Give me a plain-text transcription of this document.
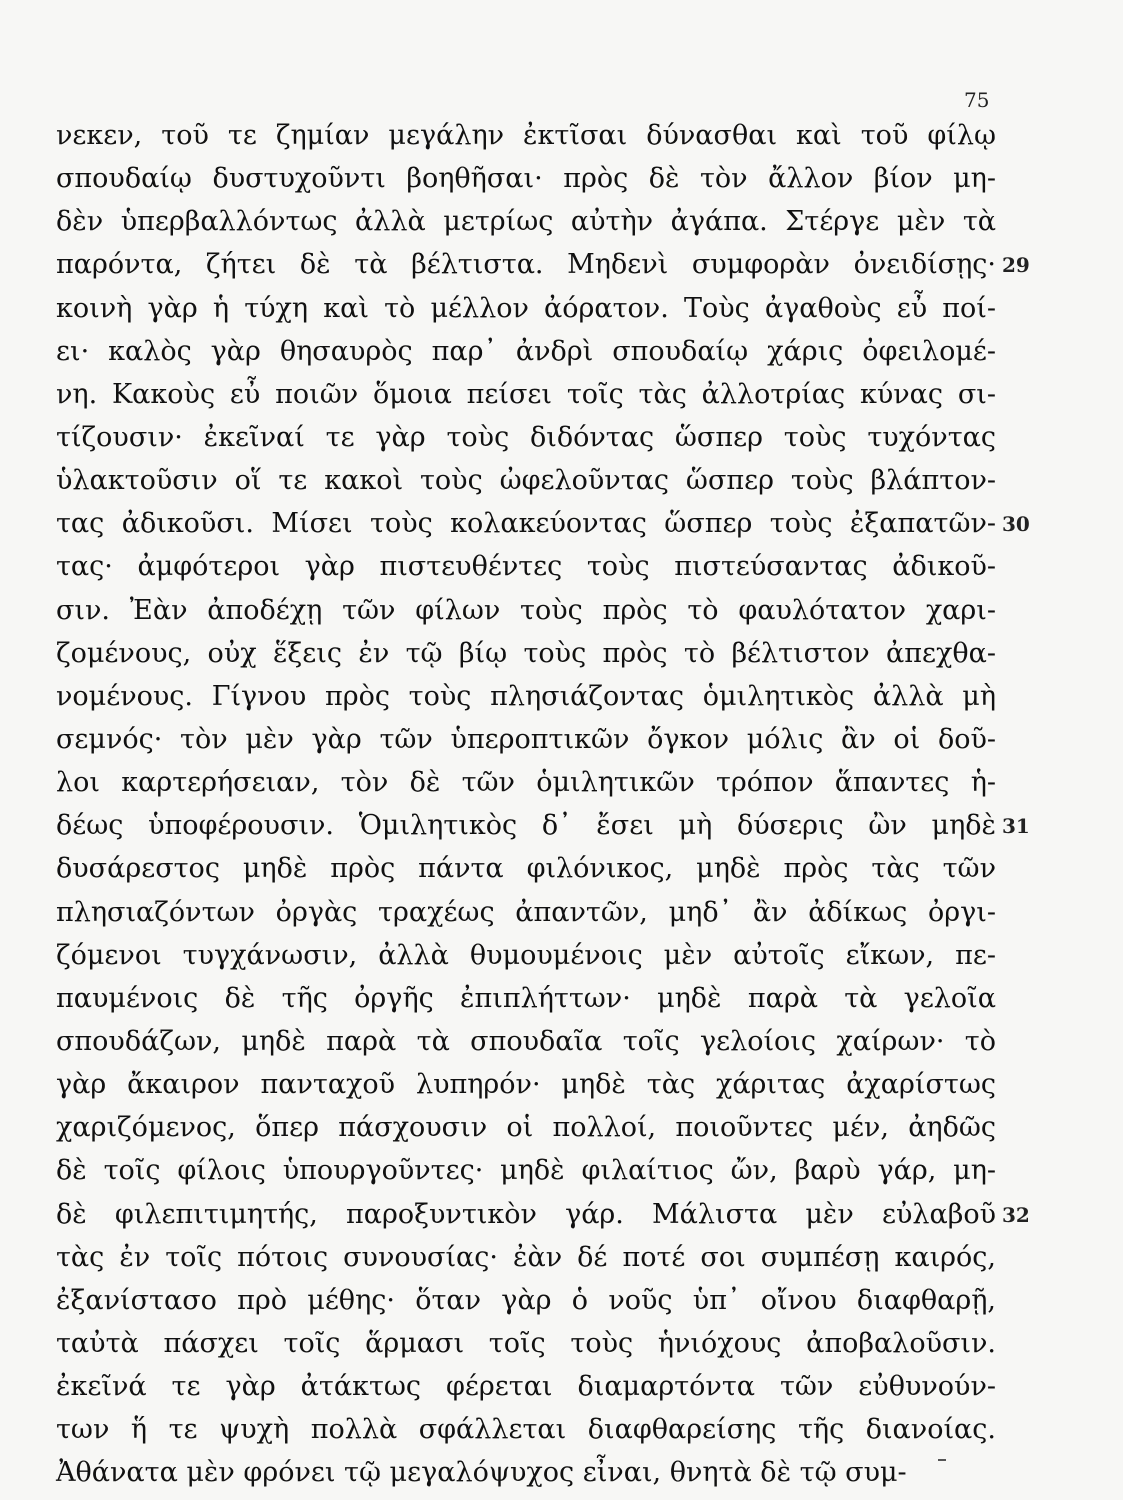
75
νεκεν, τοῦ τε ζημίαν μεγάλην ἐκτῖσαι δύνασθαι καὶ τοῦ φίλῳ
σπουδαίῳ δυστυχοῦντι βοηθῆσαι· πρὸς δὲ τὸν ἄλλον βίον μη-
δὲν ὑπερβαλλόντως ἀλλὰ μετρίως αὐτὴν ἀγάπα. Στέργε μὲν τὰ
παρόντα, ζήτει δὲ τὰ βέλτιστα. Μηδενὶ συμφορὰν ὀνειδίσῃς·
κοινὴ γὰρ ἡ τύχη καὶ τὸ μέλλον ἀόρατον. Τοὺς ἀγαθοὺς εὖ ποί-
ει· καλὸς γὰρ θησαυρὸς παρ᾿ ἀνδρὶ σπουδαίῳ χάρις ὀφειλομέ-
νη. Κακοὺς εὖ ποιῶν ὅμοια πείσει τοῖς τὰς ἀλλοτρίας κύνας σι-
τίζουσιν· ἐκεῖναί τε γὰρ τοὺς διδόντας ὥσπερ τοὺς τυχόντας
ὑλακτοῦσιν οἵ τε κακοὶ τοὺς ὠφελοῦντας ὥσπερ τοὺς βλάπτον-
τας ἀδικοῦσι. Μίσει τοὺς κολακεύοντας ὥσπερ τοὺς ἐξαπατῶν-
τας· ἀμφότεροι γὰρ πιστευθέντες τοὺς πιστεύσαντας ἀδικοῦ-
σιν. Ἐὰν ἀποδέχῃ τῶν φίλων τοὺς πρὸς τὸ φαυλότατον χαρι-
ζομένους, οὐχ ἕξεις ἐν τῷ βίῳ τοὺς πρὸς τὸ βέλτιστον ἀπεχθα-
νομένους. Γίγνου πρὸς τοὺς πλησιάζοντας ὁμιλητικὸς ἀλλὰ μὴ
σεμνός· τὸν μὲν γὰρ τῶν ὑπεροπτικῶν ὄγκον μόλις ἂν οἱ δοῦ-
λοι καρτερήσειαν, τὸν δὲ τῶν ὁμιλητικῶν τρόπον ἅπαντες ἡ-
δέως ὑποφέρουσιν. Ὁμιλητικὸς δ᾿ ἔσει μὴ δύσερις ὢν μηδὲ
δυσάρεστος μηδὲ πρὸς πάντα φιλόνικος, μηδὲ πρὸς τὰς τῶν
πλησιαζόντων ὀργὰς τραχέως ἀπαντῶν, μηδ᾿ ἂν ἀδίκως ὀργι-
ζόμενοι τυγχάνωσιν, ἀλλὰ θυμουμένοις μὲν αὐτοῖς εἴκων, πε-
παυμένοις δὲ τῆς ὀργῆς ἐπιπλήττων· μηδὲ παρὰ τὰ γελοῖα
σπουδάζων, μηδὲ παρὰ τὰ σπουδαῖα τοῖς γελοίοις χαίρων· τὸ
γὰρ ἄκαιρον πανταχοῦ λυπηρόν· μηδὲ τὰς χάριτας ἀχαρίστως
χαριζόμενος, ὅπερ πάσχουσιν οἱ πολλοί, ποιοῦντες μέν, ἀηδῶς
δὲ τοῖς φίλοις ὑπουργοῦντες· μηδὲ φιλαίτιος ὤν, βαρὺ γάρ, μη-
δὲ φιλεπιτιμητής, παροξυντικὸν γάρ. Μάλιστα μὲν εὐλαβοῦ
τὰς ἐν τοῖς πότοις συνουσίας· ἐὰν δέ ποτέ σοι συμπέσῃ καιρός,
ἐξανίστασο πρὸ μέθης· ὅταν γὰρ ὁ νοῦς ὑπ᾿ οἴνου διαφθαρῇ,
ταὐτὰ πάσχει τοῖς ἅρμασι τοῖς τοὺς ἡνιόχους ἀποβαλοῦσιν.
ἐκεῖνά τε γὰρ ἀτάκτως φέρεται διαμαρτόντα τῶν εὐθυνούν-
των ἥ τε ψυχὴ πολλὰ σφάλλεται διαφθαρείσης τῆς διανοίας.
Ἀθάνατα μὲν φρόνει τῷ μεγαλόψυχος εἶναι, θνητὰ δὲ τῷ συμ-
29
30
31
32
